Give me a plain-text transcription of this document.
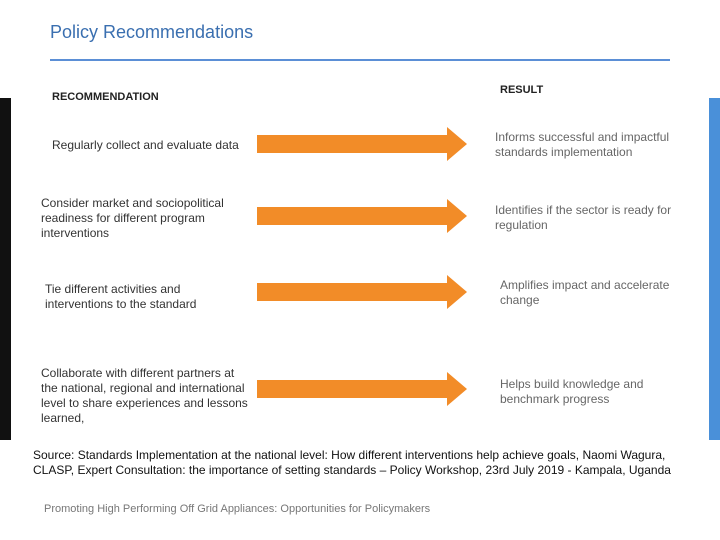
Policy Recommendations
RECOMMENDATION
RESULT
Regularly collect and evaluate data
Informs successful and impactful standards implementation
Consider market and sociopolitical readiness for different program interventions
Identifies if the sector is ready for regulation
Tie different activities and interventions to the standard
Amplifies impact and accelerate change
Collaborate with different partners at the national, regional and international level to share experiences and lessons learned,
Helps build knowledge and benchmark progress
Source: Standards Implementation at the national level: How different interventions help achieve goals, Naomi Wagura, CLASP, Expert Consultation: the importance of setting standards – Policy Workshop, 23rd July 2019 - Kampala, Uganda
Promoting High Performing Off Grid Appliances: Opportunities for Policymakers
